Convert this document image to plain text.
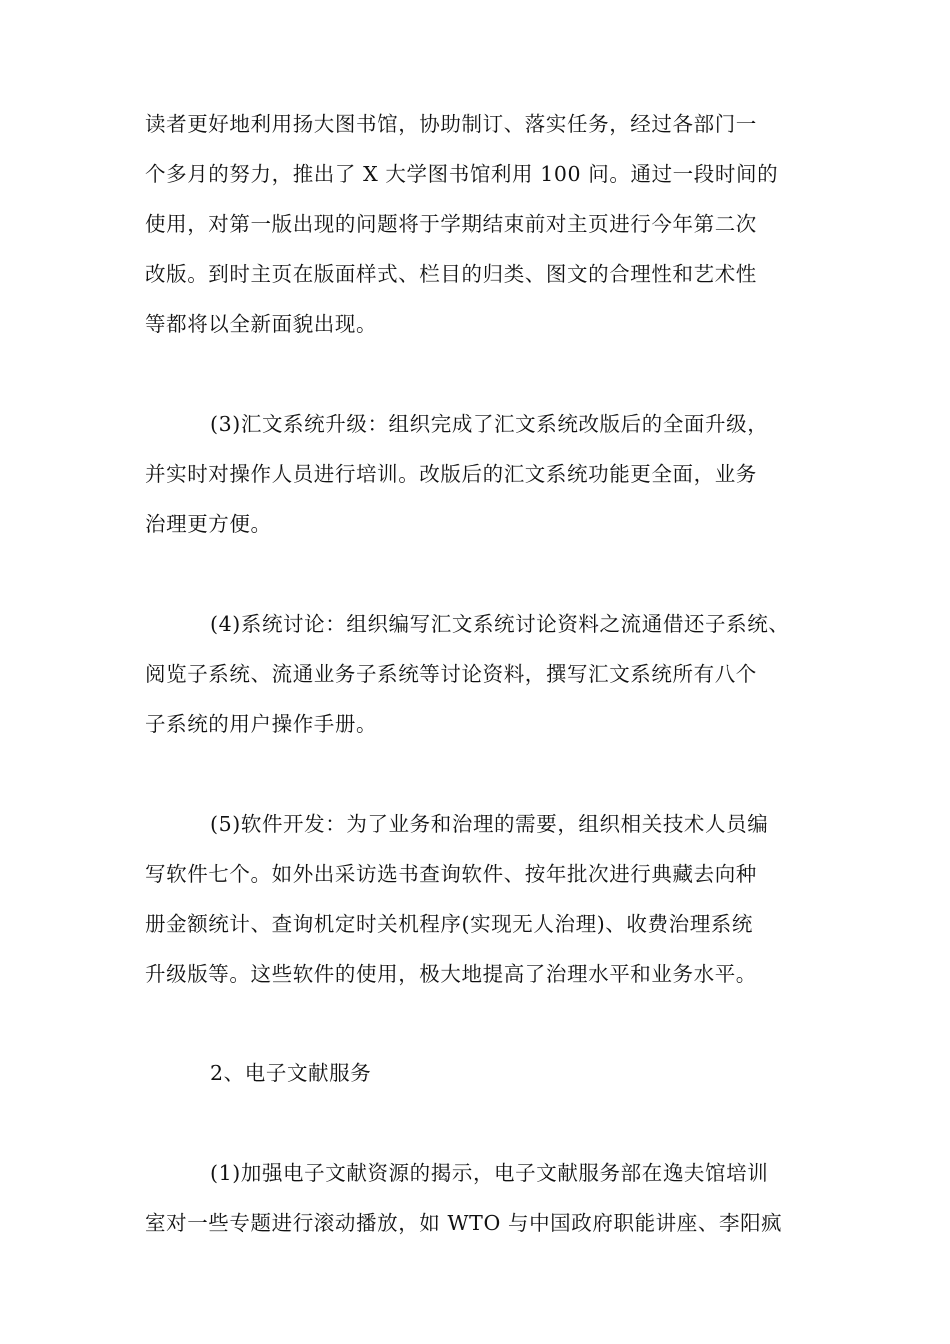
读者更好地利用扬大图书馆，协助制订、落实任务，经过各部门一
个多月的努力，推出了 X 大学图书馆利用 100 问。通过一段时间的
使用，对第一版出现的问题将于学期结束前对主页进行今年第二次
改版。到时主页在版面样式、栏目的归类、图文的合理性和艺术性
等都将以全新面貌出现。
(3)汇文系统升级：组织完成了汇文系统改版后的全面升级，
并实时对操作人员进行培训。改版后的汇文系统功能更全面，业务
治理更方便。
(4)系统讨论：组织编写汇文系统讨论资料之流通借还子系统、
阅览子系统、流通业务子系统等讨论资料，撰写汇文系统所有八个
子系统的用户操作手册。
(5)软件开发：为了业务和治理的需要，组织相关技术人员编
写软件七个。如外出采访选书查询软件、按年批次进行典藏去向种
册金额统计、查询机定时关机程序(实现无人治理)、收费治理系统
升级版等。这些软件的使用，极大地提高了治理水平和业务水平。
2、电子文献服务
(1)加强电子文献资源的揭示，电子文献服务部在逸夫馆培训
室对一些专题进行滚动播放，如 WTO 与中国政府职能讲座、李阳疯
